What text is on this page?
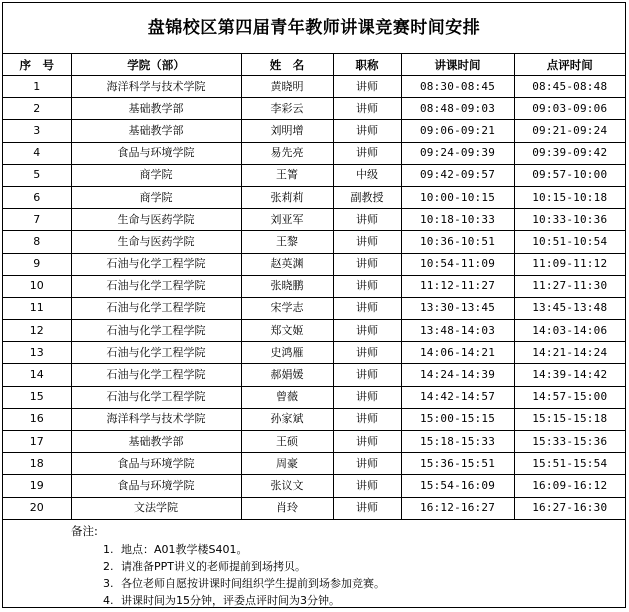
盘锦校区第四届青年教师讲课竞赛时间安排
序　号	学院（部）	姓　名	职称	讲课时间	点评时间
1	海洋科学与技术学院	黄晓明	讲师	08:30-08:45	08:45-08:48
2	基础教学部	李彩云	讲师	08:48-09:03	09:03-09:06
3	基础教学部	刘明增	讲师	09:06-09:21	09:21-09:24
4	食品与环境学院	易先亮	讲师	09:24-09:39	09:39-09:42
5	商学院	王箐	中级	09:42-09:57	09:57-10:00
6	商学院	张莉莉	副教授	10:00-10:15	10:15-10:18
7	生命与医药学院	刘亚军	讲师	10:18-10:33	10:33-10:36
8	生命与医药学院	王黎	讲师	10:36-10:51	10:51-10:54
9	石油与化学工程学院	赵英渊	讲师	10:54-11:09	11:09-11:12
10	石油与化学工程学院	张晓鹏	讲师	11:12-11:27	11:27-11:30
11	石油与化学工程学院	宋学志	讲师	13:30-13:45	13:45-13:48
12	石油与化学工程学院	郑文姬	讲师	13:48-14:03	14:03-14:06
13	石油与化学工程学院	史鸿雁	讲师	14:06-14:21	14:21-14:24
14	石油与化学工程学院	郝娟媛	讲师	14:24-14:39	14:39-14:42
15	石油与化学工程学院	曾薇	讲师	14:42-14:57	14:57-15:00
16	海洋科学与技术学院	孙家斌	讲师	15:00-15:15	15:15-15:18
17	基础教学部	王硕	讲师	15:18-15:33	15:33-15:36
18	食品与环境学院	周豪	讲师	15:36-15:51	15:51-15:54
19	食品与环境学院	张议文	讲师	15:54-16:09	16:09-16:12
20	文法学院	肖玲	讲师	16:12-16:27	16:27-16:30
备注:
1. 地点：A01教学楼S401。
2. 请准备PPT讲义的老师提前到场拷贝。
3. 各位老师自愿按讲课时间组织学生提前到场参加竞赛。
4. 讲课时间为15分钟，评委点评时间为3分钟。
